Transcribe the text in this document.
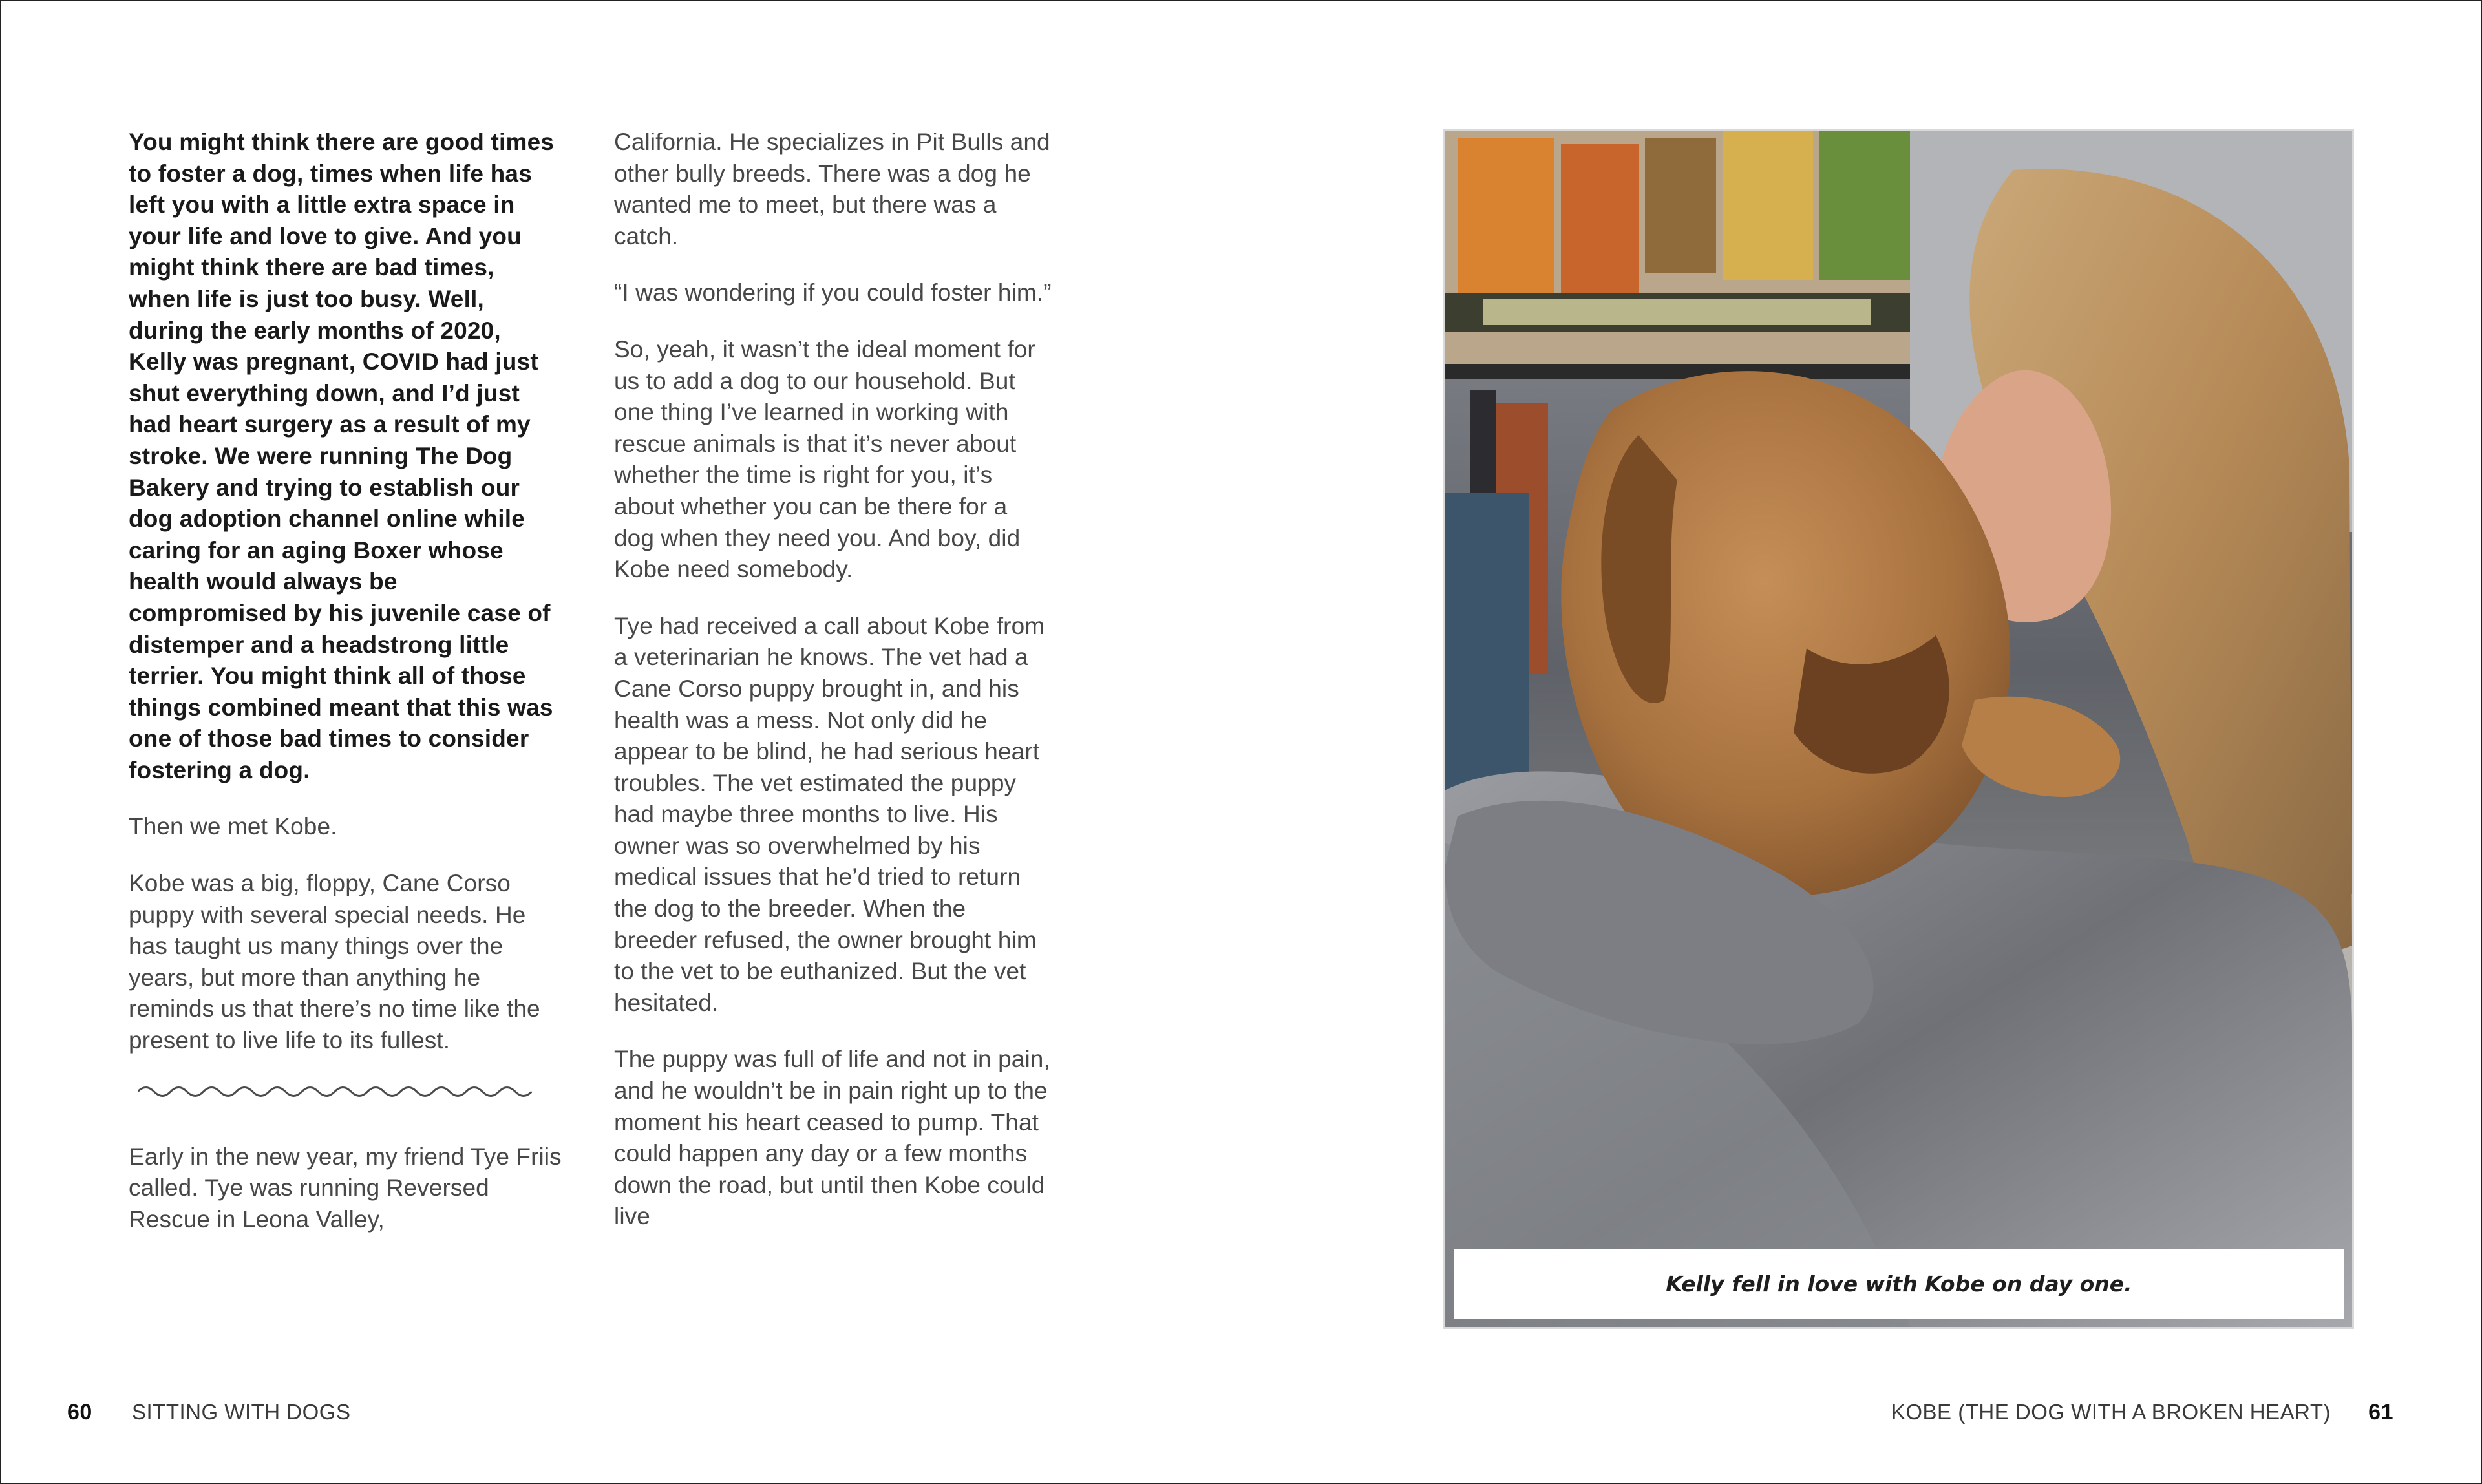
You might think there are good times to foster a dog, times when life has left you with a little extra space in your life and love to give. And you might think there are bad times, when life is just too busy. Well, during the early months of 2020, Kelly was pregnant, COVID had just shut everything down, and I’d just had heart surgery as a result of my stroke. We were running The Dog Bakery and trying to establish our dog adoption channel online while caring for an aging Boxer whose health would always be compromised by his juvenile case of distemper and a headstrong little terrier. You might think all of those things combined meant that this was one of those bad times to consider fostering a dog.

Then we met Kobe.

Kobe was a big, floppy, Cane Corso puppy with several special needs. He has taught us many things over the years, but more than anything he reminds us that there’s no time like the present to live life to its fullest.

Early in the new year, my friend Tye Friis called. Tye was running Reversed Rescue in Leona Valley,

California. He specializes in Pit Bulls and other bully breeds. There was a dog he wanted me to meet, but there was a catch.

“I was wondering if you could foster him.”

So, yeah, it wasn’t the ideal moment for us to add a dog to our household. But one thing I’ve learned in working with rescue animals is that it’s never about whether the time is right for you, it’s about whether you can be there for a dog when they need you. And boy, did Kobe need somebody.

Tye had received a call about Kobe from a veterinarian he knows. The vet had a Cane Corso puppy brought in, and his health was a mess. Not only did he appear to be blind, he had serious heart troubles. The vet estimated the puppy had maybe three months to live. His owner was so overwhelmed by his medical issues that he’d tried to return the dog to the breeder. When the breeder refused, the owner brought him to the vet to be euthanized. But the vet hesitated.

The puppy was full of life and not in pain, and he wouldn’t be in pain right up to the moment his heart ceased to pump. That could happen any day or a few months down the road, but until then Kobe could live

Kelly fell in love with Kobe on day one.
60 SITTING WITH DOGS	KOBE (THE DOG WITH A BROKEN HEART) 61
